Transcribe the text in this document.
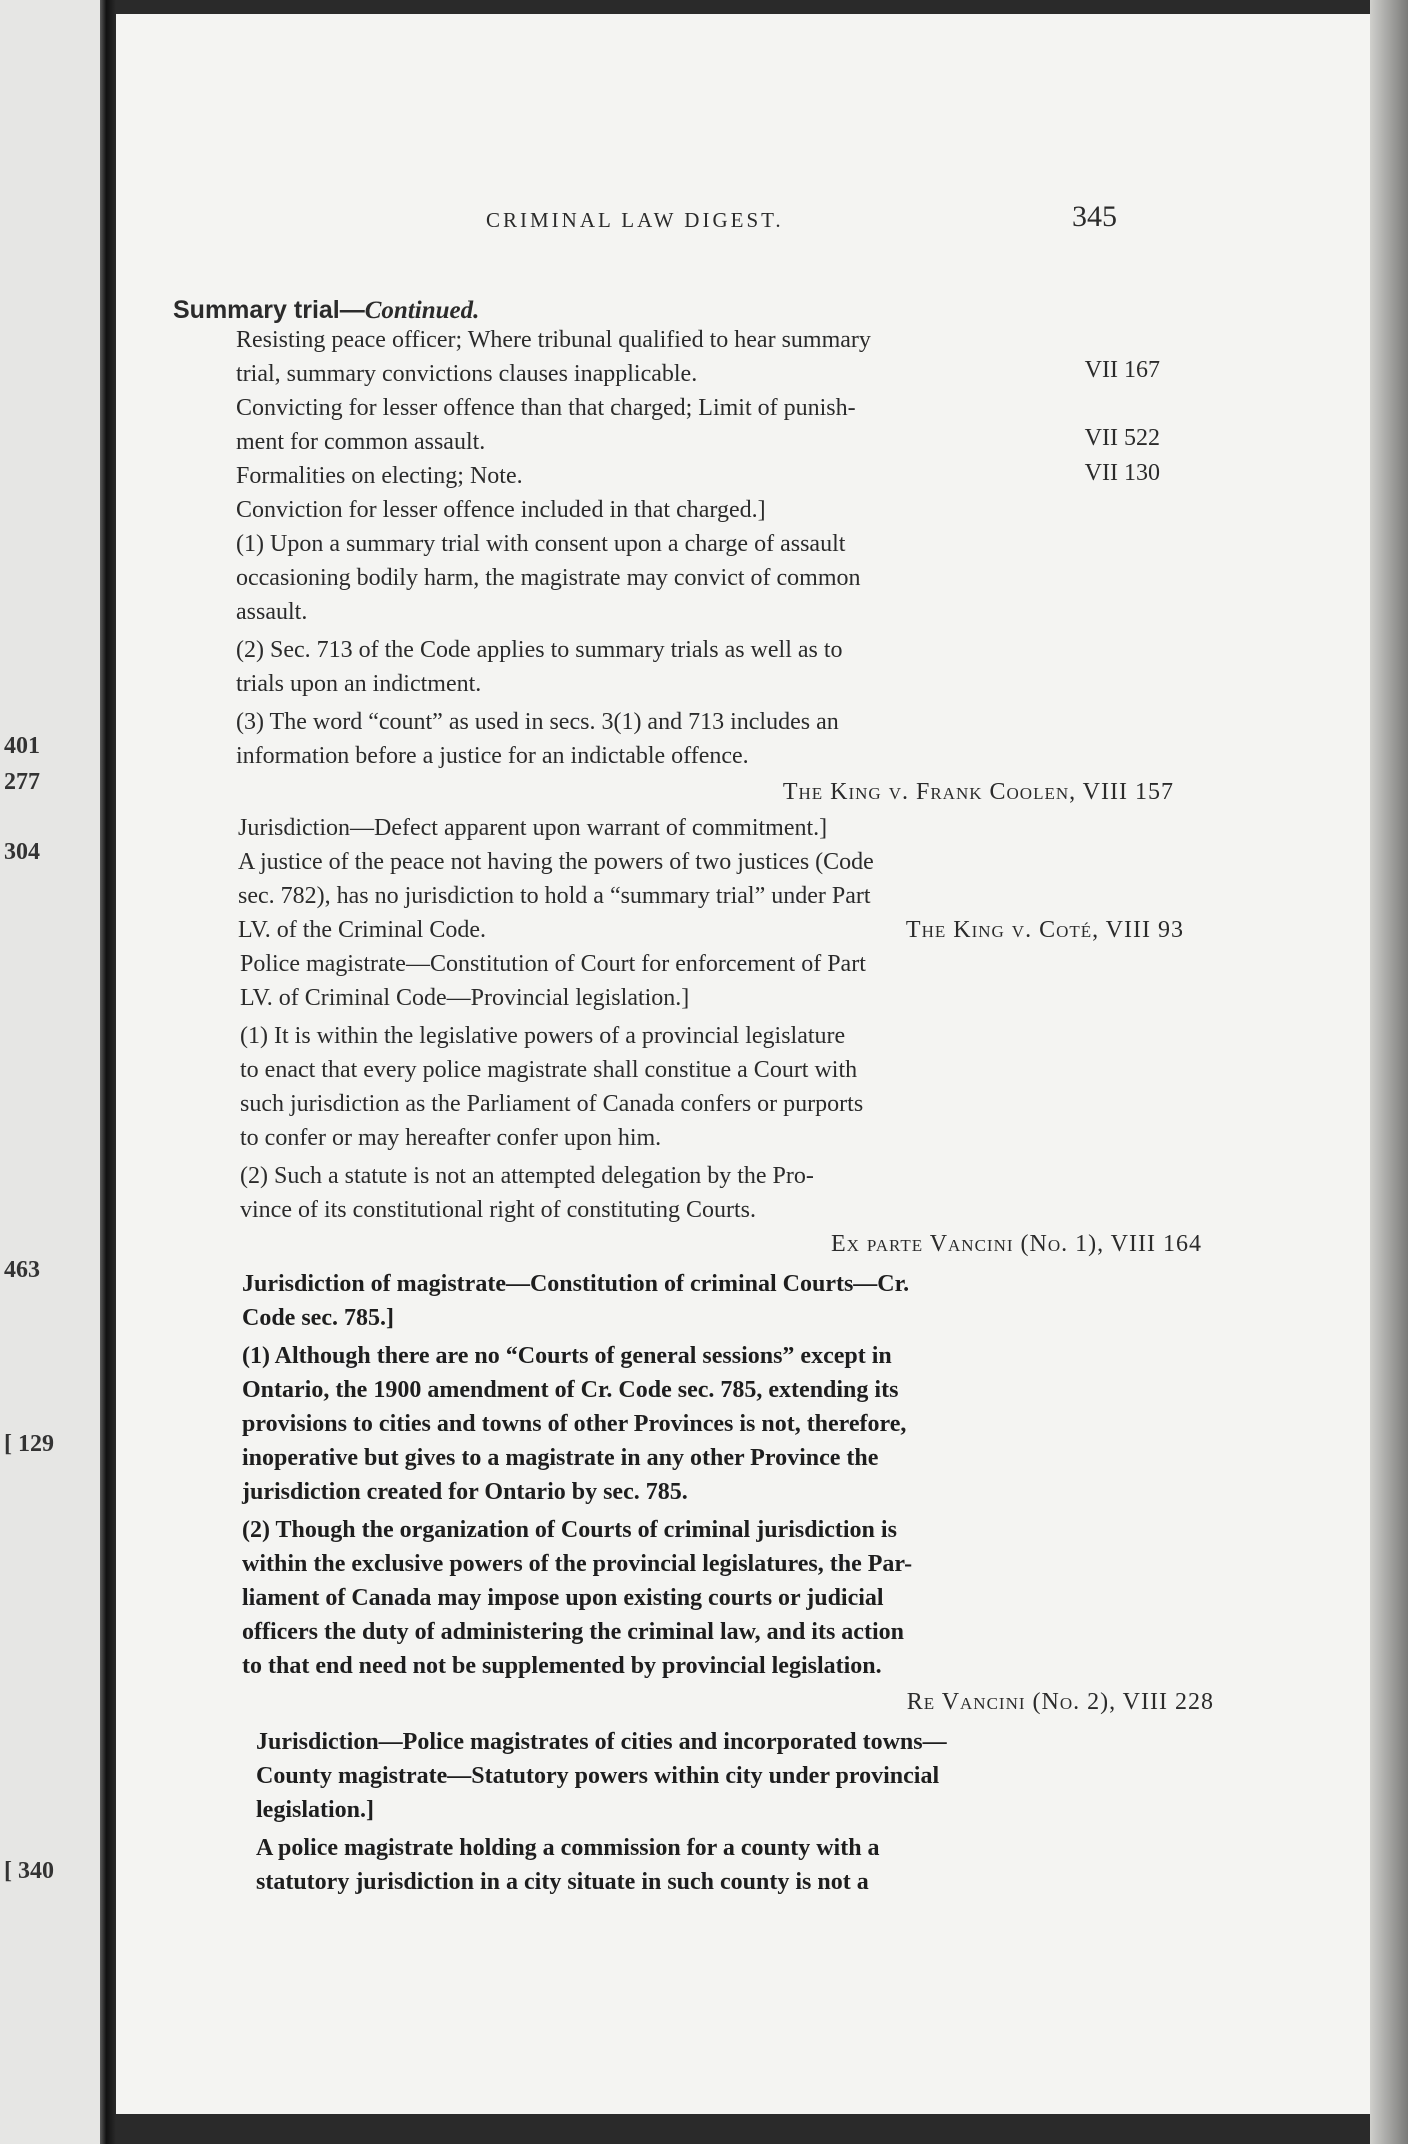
401
277
304
463
[ 129
[ 340
CRIMINAL LAW DIGEST.	345
Summary trial—Continued.
Resisting peace officer; Where tribunal qualified to hear summary
trial, summary convictions clauses inapplicable.	VII 167
Convicting for lesser offence than that charged; Limit of punish-
ment for common assault.	VII 522
Formalities on electing; Note.	VII 130
Conviction for lesser offence included in that charged.]
(1) Upon a summary trial with consent upon a charge of assault
occasioning bodily harm, the magistrate may convict of common
assault.
(2) Sec. 713 of the Code applies to summary trials as well as to
trials upon an indictment.
(3) The word “count” as used in secs. 3(1) and 713 includes an
information before a justice for an indictable offence.
The King v. Frank Coolen, VIII 157
Jurisdiction—Defect apparent upon warrant of commitment.]
A justice of the peace not having the powers of two justices (Code
sec. 782), has no jurisdiction to hold a “summary trial” under Part
LV. of the Criminal Code.	The King v. Coté, VIII 93
Police magistrate—Constitution of Court for enforcement of Part
LV. of Criminal Code—Provincial legislation.]
(1) It is within the legislative powers of a provincial legislature
to enact that every police magistrate shall constitue a Court with
such jurisdiction as the Parliament of Canada confers or purports
to confer or may hereafter confer upon him.
(2) Such a statute is not an attempted delegation by the Pro-
vince of its constitutional right of constituting Courts.
Ex parte Vancini (No. 1), VIII 164
Jurisdiction of magistrate—Constitution of criminal Courts—Cr.
Code sec. 785.]
(1) Although there are no “Courts of general sessions” except in
Ontario, the 1900 amendment of Cr. Code sec. 785, extending its
provisions to cities and towns of other Provinces is not, therefore,
inoperative but gives to a magistrate in any other Province the
jurisdiction created for Ontario by sec. 785.
(2) Though the organization of Courts of criminal jurisdiction is
within the exclusive powers of the provincial legislatures, the Par-
liament of Canada may impose upon existing courts or judicial
officers the duty of administering the criminal law, and its action
to that end need not be supplemented by provincial legislation.
Re Vancini (No. 2), VIII 228
Jurisdiction—Police magistrates of cities and incorporated towns—
County magistrate—Statutory powers within city under provincial
legislation.]
A police magistrate holding a commission for a county with a
statutory jurisdiction in a city situate in such county is not a
